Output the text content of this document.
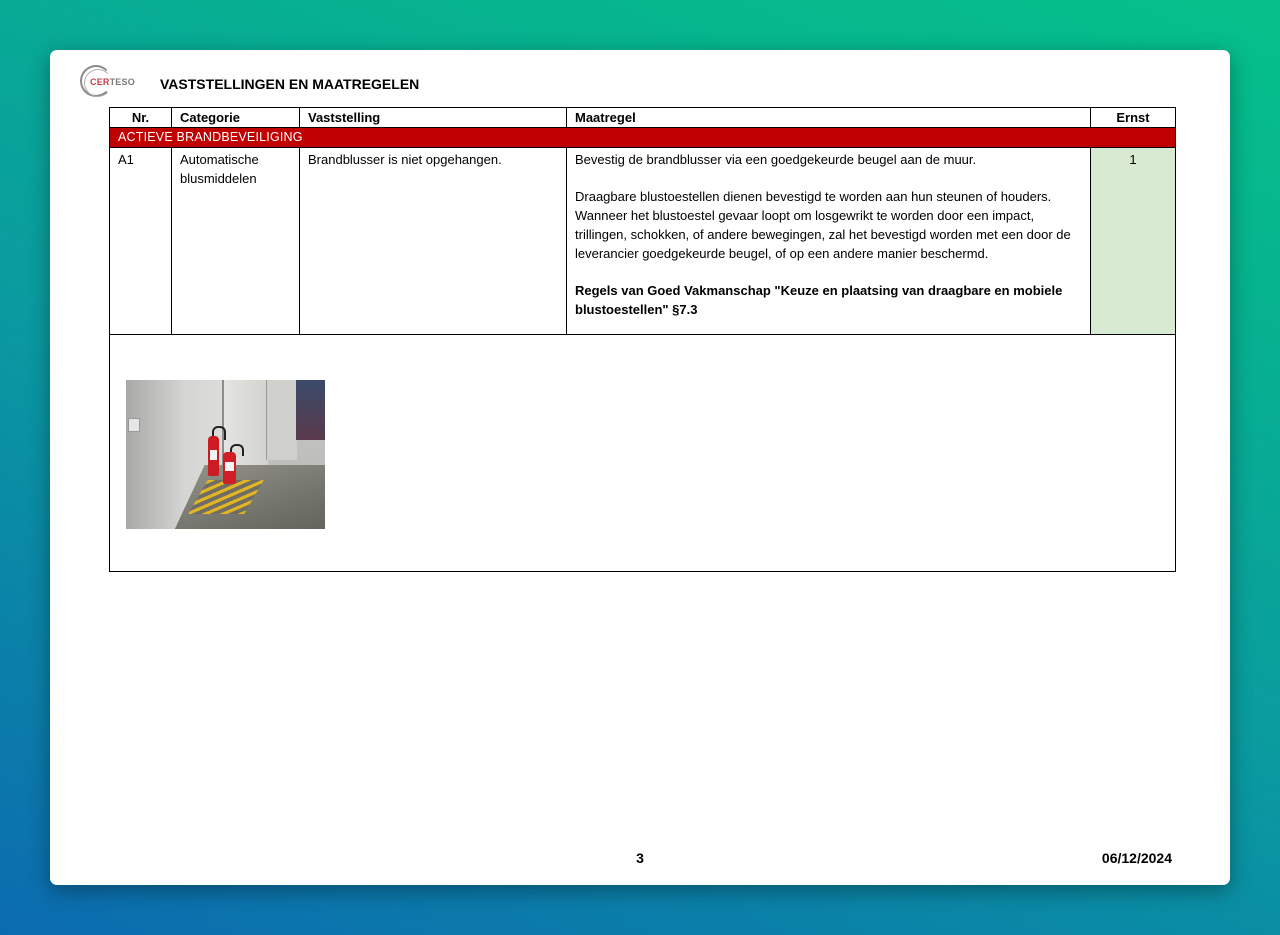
CERTESO VASTSTELLINGEN EN MAATREGELEN
Nr.	Categorie	Vaststelling	Maatregel	Ernst
ACTIEVE BRANDBEVEILIGING				
A1	Automatische blusmiddelen	Brandblusser is niet opgehangen.	Bevestig de brandblusser via een goedgekeurde beugel aan de muur.

Draagbare blustoestellen dienen bevestigd te worden aan hun steunen of houders. Wanneer het blustoestel gevaar loopt om losgewrikt te worden door een impact, trillingen, schokken, of andere bewegingen, zal het bevestigd worden met een door de leverancier goedgekeurde beugel, of op een andere manier beschermd.

Regels van Goed Vakmanschap "Keuze en plaatsing van draagbare en mobiele blustoestellen" §7.3	1

3	06/12/2024
